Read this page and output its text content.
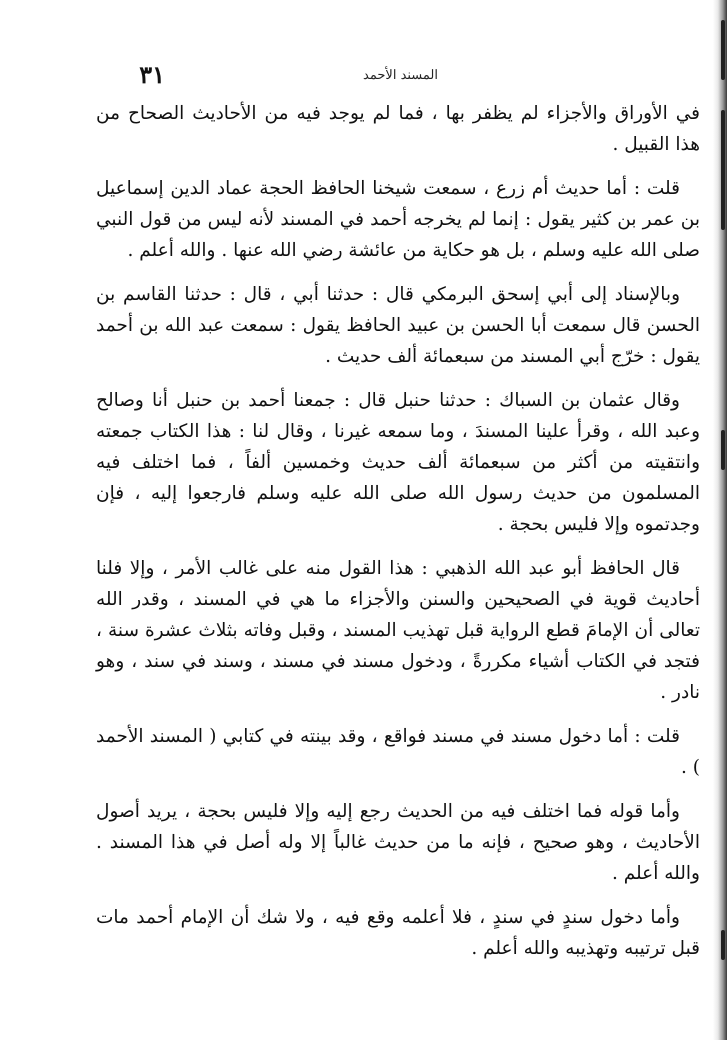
المسند الأحمد
٣١

في الأوراق والأجزاء لم يظفر بها ، فما لم يوجد فيه من الأحاديث الصحاح من هذا القبيل .

قلت : أما حديث أم زرع ، سمعت شيخنا الحافظ الحجة عماد الدين إسماعيل بن عمر بن كثير يقول : إنما لم يخرجه أحمد في المسند لأنه ليس من قول النبي صلى الله عليه وسلم ، بل هو حكاية من عائشة رضي الله عنها . والله أعلم .

وبالإسناد إلى أبي إسحق البرمكي قال : حدثنا أبي ، قال : حدثنا القاسم بن الحسن قال سمعت أبا الحسن بن عبيد الحافظ يقول : سمعت عبد الله بن أحمد يقول : خرّج أبي المسند من سبعمائة ألف حديث .

وقال عثمان بن السباك : حدثنا حنبل قال : جمعنا أحمد بن حنبل أنا وصالح وعبد الله ، وقرأ علينا المسندَ ، وما سمعه غيرنا ، وقال لنا : هذا الكتاب جمعته وانتقيته من أكثر من سبعمائة ألف حديث وخمسين ألفاً ، فما اختلف فيه المسلمون من حديث رسول الله صلى الله عليه وسلم فارجعوا إليه ، فإن وجدتموه وإلا فليس بحجة .

قال الحافظ أبو عبد الله الذهبي : هذا القول منه على غالب الأمر ، وإلا فلنا أحاديث قوية في الصحيحين والسنن والأجزاء ما هي في المسند ، وقدر الله تعالى أن الإمامَ قطع الرواية قبل تهذيب المسند ، وقبل وفاته بثلاث عشرة سنة ، فتجد في الكتاب أشياء مكررةً ، ودخول مسند في مسند ، وسند في سند ، وهو نادر .

قلت : أما دخول مسند في مسند فواقع ، وقد بينته في كتابي ( المسند الأحمد ) .

وأما قوله فما اختلف فيه من الحديث رجع إليه وإلا فليس بحجة ، يريد أصول الأحاديث ، وهو صحيح ، فإنه ما من حديث غالباً إلا وله أصل في هذا المسند . والله أعلم .

وأما دخول سندٍ في سندٍ ، فلا أعلمه وقع فيه ، ولا شك أن الإمام أحمد مات قبل ترتيبه وتهذيبه والله أعلم .
